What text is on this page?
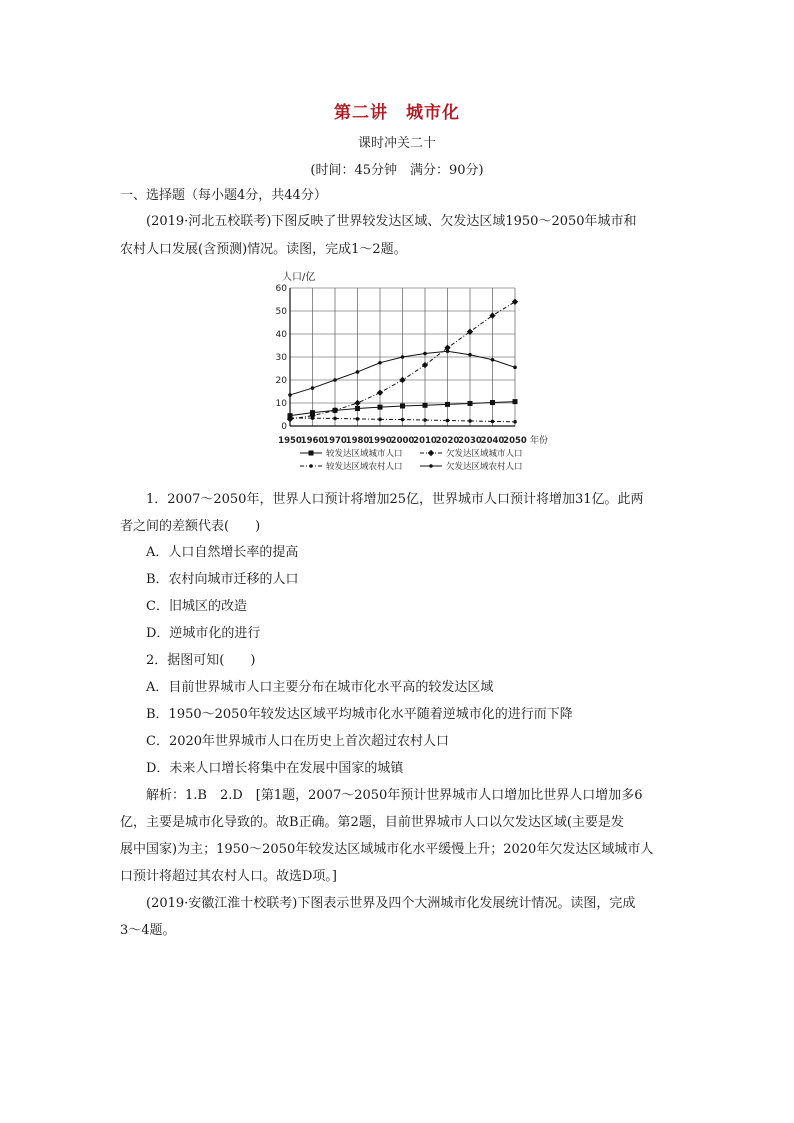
第二讲　城市化
课时冲关二十
(时间：45分钟　满分：90分)
一、选择题（每小题4分，共44分）
(2019·河北五校联考)下图反映了世界较发达区域、欠发达区域1950～2050年城市和
农村人口发展(含预测)情况。读图，完成1～2题。
人口/亿
0
10
20
30
40
50
60
1950
1960
1970
1980
1990
2000
2010
2020
2030
2040
2050 年份
较发达区域城市人口	欠发达区域城市人口
较发达区域农村人口	欠发达区域农村人口
1．2007～2050年，世界人口预计将增加25亿，世界城市人口预计将增加31亿。此两
者之间的差额代表(　　)
A．人口自然增长率的提高
B．农村向城市迁移的人口
C．旧城区的改造
D．逆城市化的进行
2．据图可知(　　)
A．目前世界城市人口主要分布在城市化水平高的较发达区域
B．1950～2050年较发达区域平均城市化水平随着逆城市化的进行而下降
C．2020年世界城市人口在历史上首次超过农村人口
D．未来人口增长将集中在发展中国家的城镇
解析：1.B　2.D　[第1题，2007～2050年预计世界城市人口增加比世界人口增加多6
亿，主要是城市化导致的。故B正确。第2题，目前世界城市人口以欠发达区域(主要是发
展中国家)为主；1950～2050年较发达区域城市化水平缓慢上升；2020年欠发达区域城市人
口预计将超过其农村人口。故选D项。]
(2019·安徽江淮十校联考)下图表示世界及四个大洲城市化发展统计情况。读图，完成
3～4题。
